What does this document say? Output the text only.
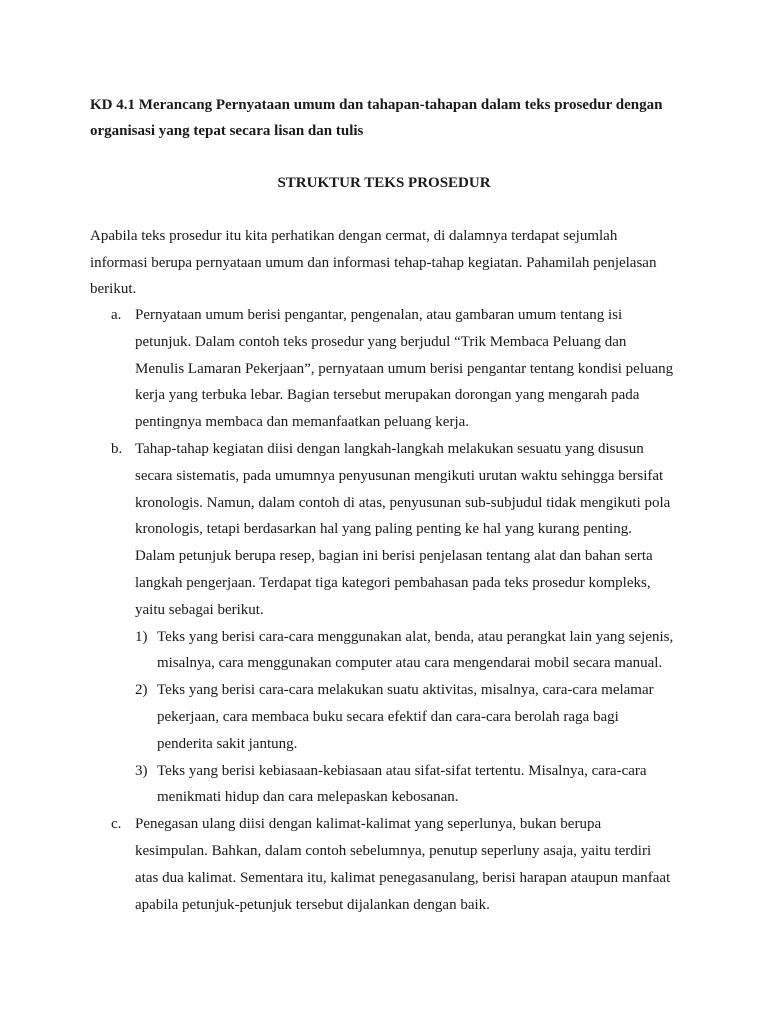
KD 4.1 Merancang Pernyataan umum dan tahapan-tahapan dalam teks prosedur dengan
organisasi yang tepat secara lisan dan tulis
STRUKTUR TEKS PROSEDUR

Apabila teks prosedur itu kita perhatikan dengan cermat, di dalamnya terdapat sejumlah
informasi berupa pernyataan umum dan informasi tehap-tahap kegiatan. Pahamilah penjelasan
berikut.

a. Pernyataan umum berisi pengantar, pengenalan, atau gambaran umum tentang isi
petunjuk. Dalam contoh teks prosedur yang berjudul “Trik Membaca Peluang dan
Menulis Lamaran Pekerjaan”, pernyataan umum berisi pengantar tentang kondisi peluang
kerja yang terbuka lebar. Bagian tersebut merupakan dorongan yang mengarah pada
pentingnya membaca dan memanfaatkan peluang kerja.
b. Tahap-tahap kegiatan diisi dengan langkah-langkah melakukan sesuatu yang disusun
secara sistematis, pada umumnya penyusunan mengikuti urutan waktu sehingga bersifat
kronologis. Namun, dalam contoh di atas, penyusunan sub-subjudul tidak mengikuti pola
kronologis, tetapi berdasarkan hal yang paling penting ke hal yang kurang penting.
Dalam petunjuk berupa resep, bagian ini berisi penjelasan tentang alat dan bahan serta
langkah pengerjaan. Terdapat tiga kategori pembahasan pada teks prosedur kompleks,
yaitu sebagai berikut.
1) Teks yang berisi cara-cara menggunakan alat, benda, atau perangkat lain yang sejenis,
misalnya, cara menggunakan computer atau cara mengendarai mobil secara manual.
2) Teks yang berisi cara-cara melakukan suatu aktivitas, misalnya, cara-cara melamar
pekerjaan, cara membaca buku secara efektif dan cara-cara berolah raga bagi
penderita sakit jantung.
3) Teks yang berisi kebiasaan-kebiasaan atau sifat-sifat tertentu. Misalnya, cara-cara
menikmati hidup dan cara melepaskan kebosanan.
c. Penegasan ulang diisi dengan kalimat-kalimat yang seperlunya, bukan berupa
kesimpulan. Bahkan, dalam contoh sebelumnya, penutup seperluny asaja, yaitu terdiri
atas dua kalimat. Sementara itu, kalimat penegasanulang, berisi harapan ataupun manfaat
apabila petunjuk-petunjuk tersebut dijalankan dengan baik.
